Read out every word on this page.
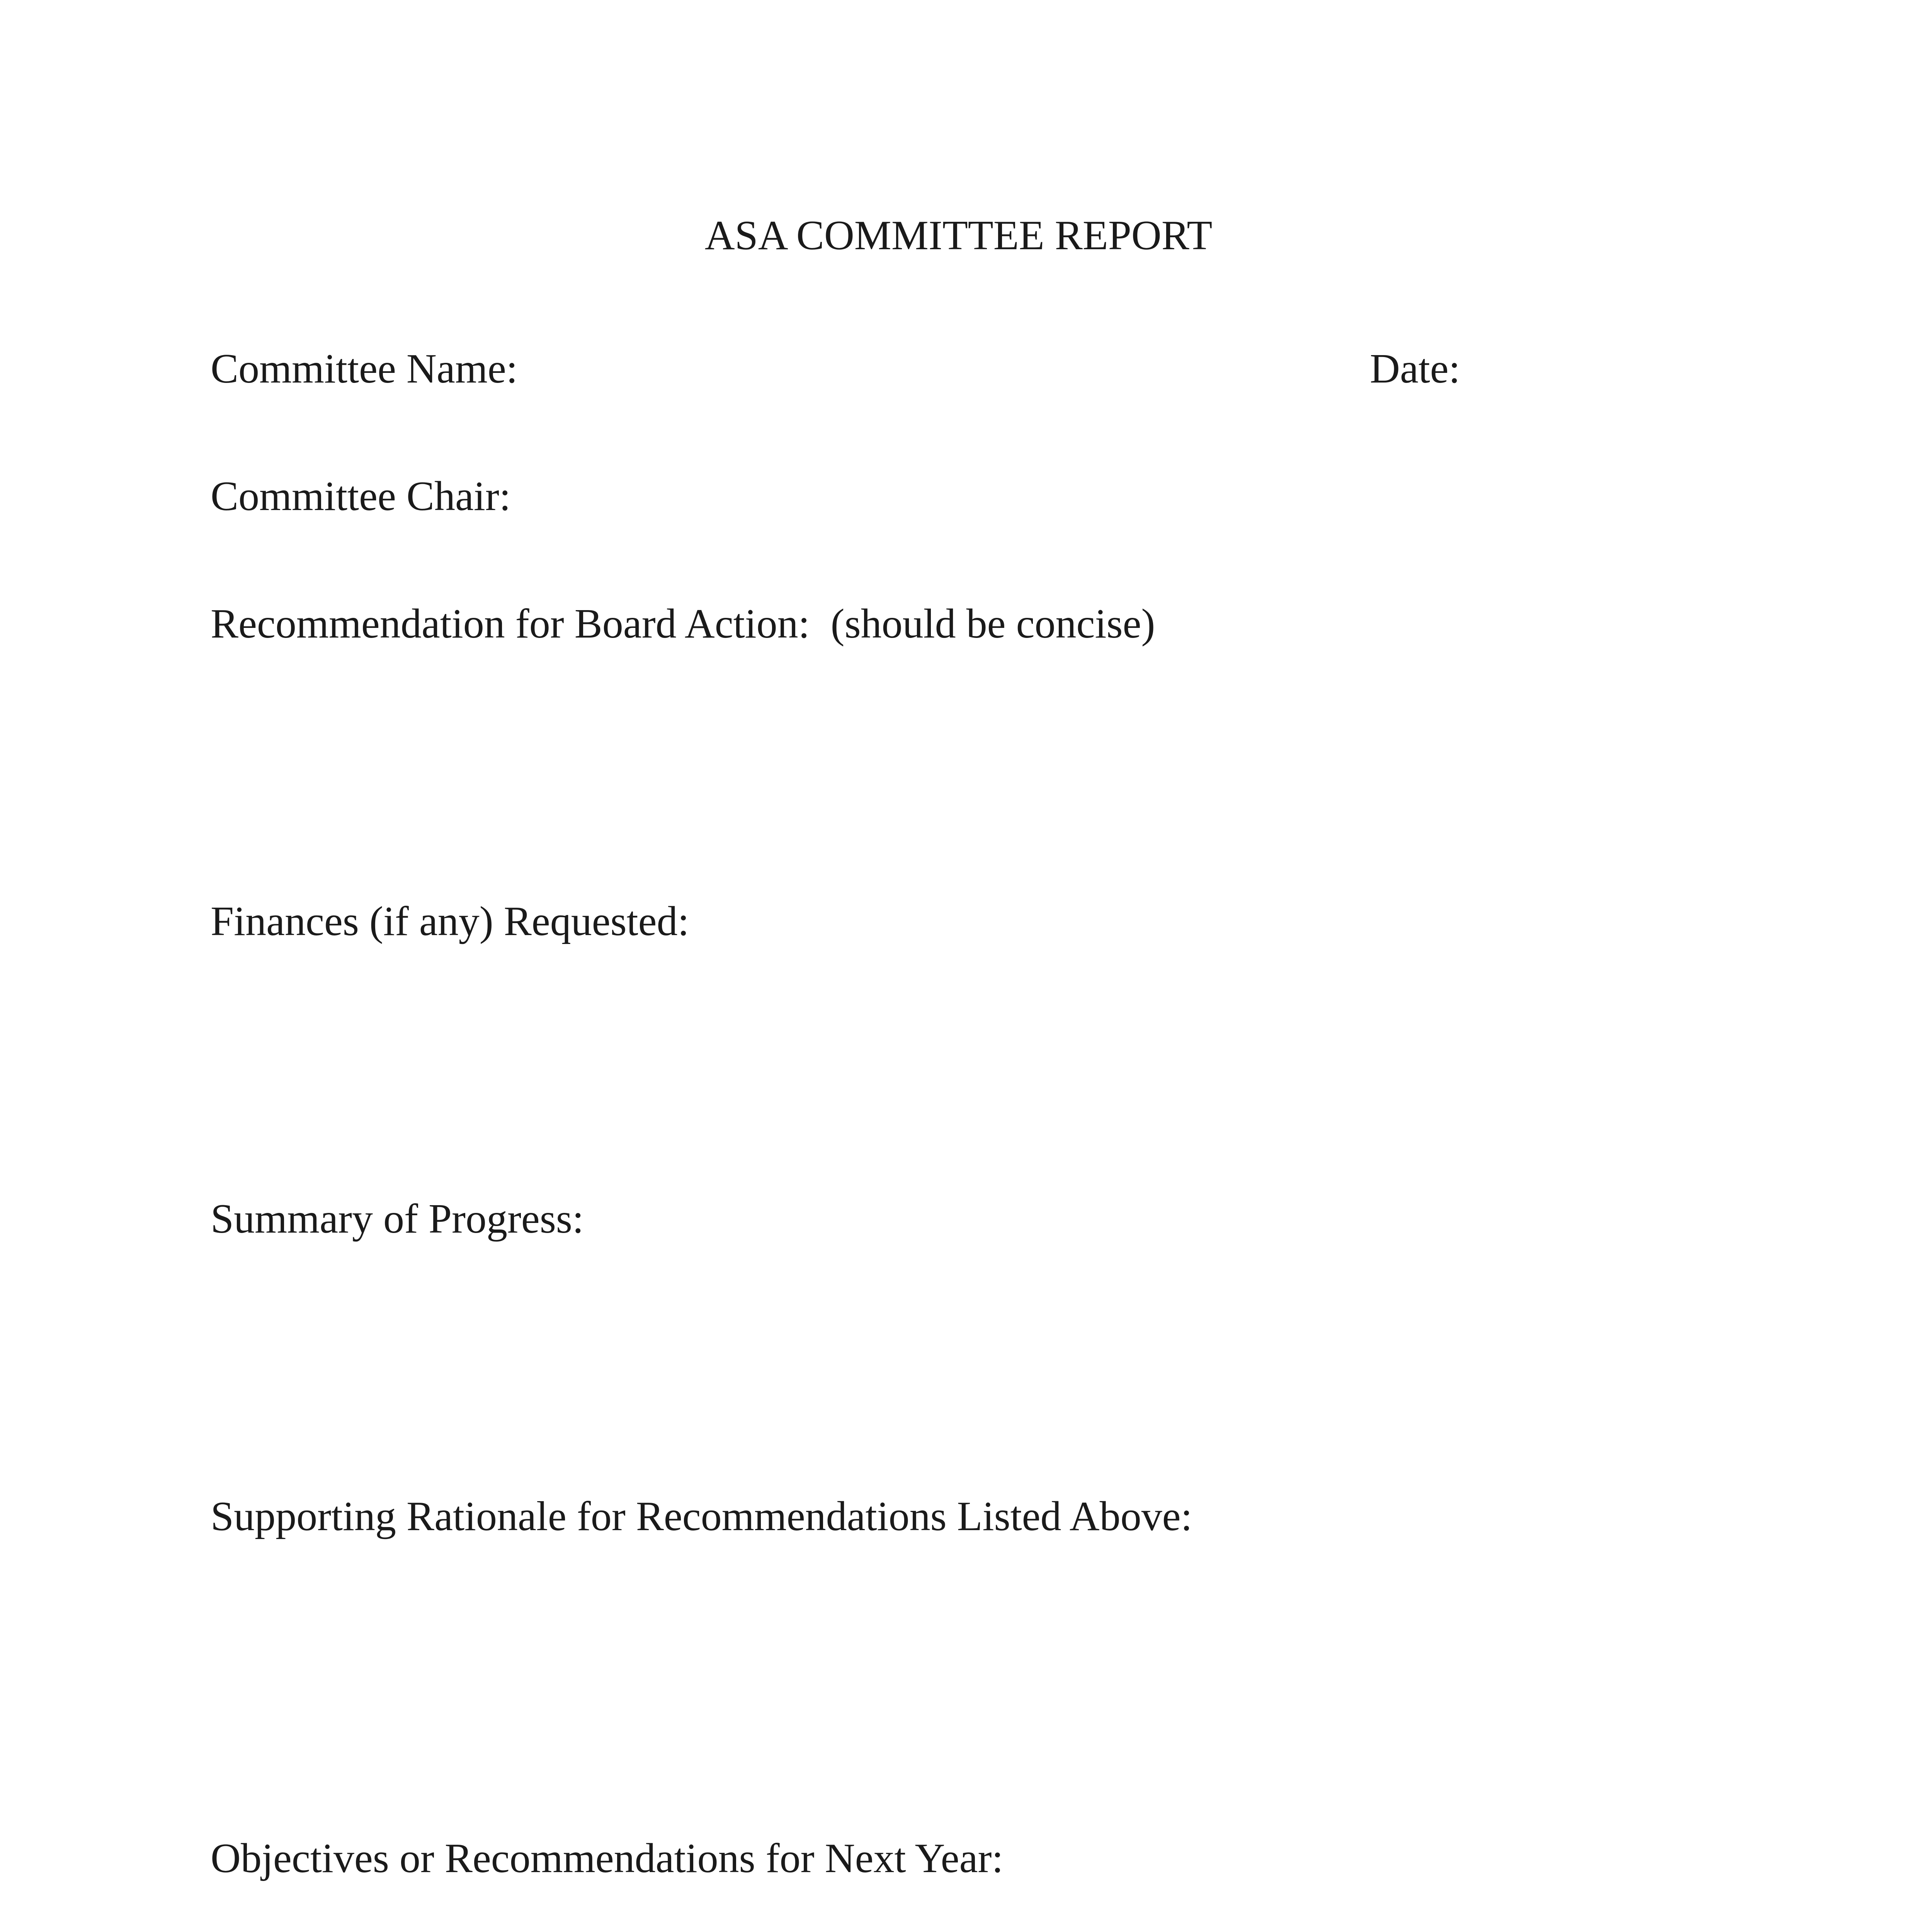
ASA COMMITTEE REPORT
Committee Name:	Date:
Committee Chair:
Recommendation for Board Action: (should be concise)
Finances (if any) Requested:
Summary of Progress:
Supporting Rationale for Recommendations Listed Above:
Objectives or Recommendations for Next Year:
